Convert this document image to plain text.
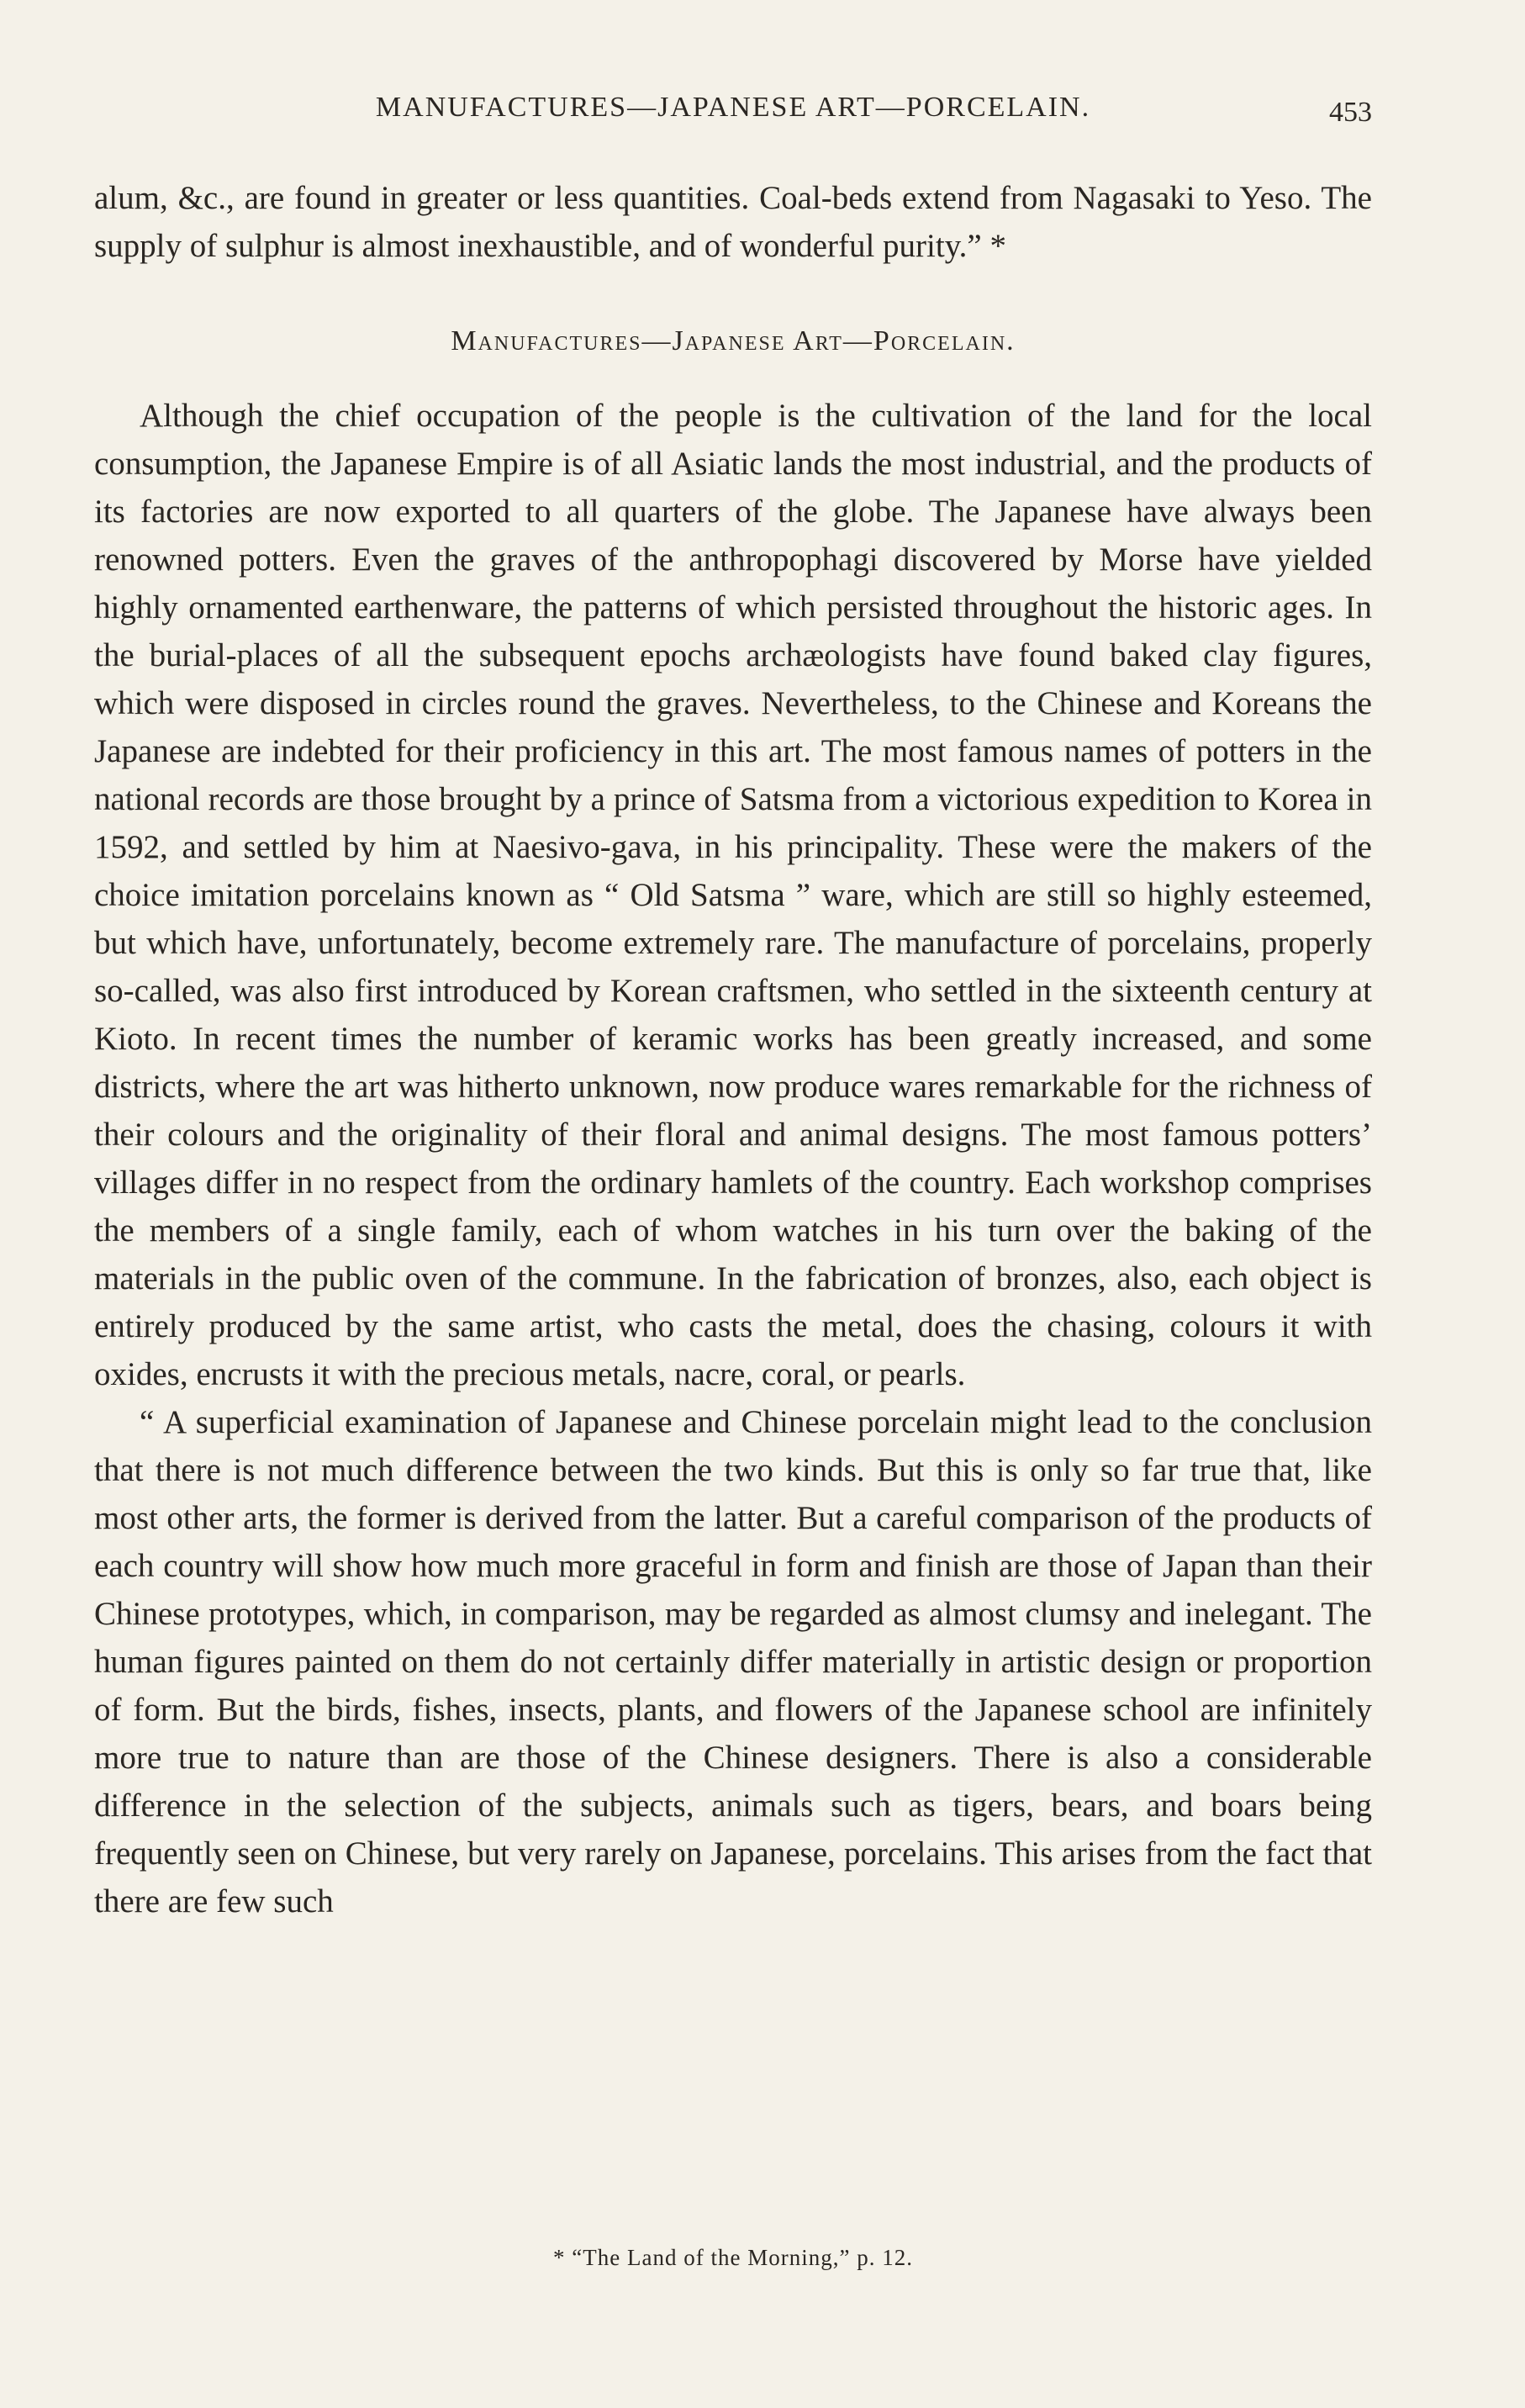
MANUFACTURES—JAPANESE ART—PORCELAIN.	453

alum, &c., are found in greater or less quantities. Coal-beds extend from Nagasaki to Yeso. The supply of sulphur is almost inexhaustible, and of wonderful purity.” *

Manufactures—Japanese Art—Porcelain.

Although the chief occupation of the people is the cultivation of the land for the local consumption, the Japanese Empire is of all Asiatic lands the most industrial, and the products of its factories are now exported to all quarters of the globe. The Japanese have always been renowned potters. Even the graves of the anthropophagi discovered by Morse have yielded highly ornamented earthenware, the patterns of which persisted throughout the historic ages. In the burial-places of all the subsequent epochs archæologists have found baked clay figures, which were disposed in circles round the graves. Nevertheless, to the Chinese and Koreans the Japanese are indebted for their proficiency in this art. The most famous names of potters in the national records are those brought by a prince of Satsma from a victorious expedition to Korea in 1592, and settled by him at Naesivo-gava, in his principality. These were the makers of the choice imitation porcelains known as “ Old Satsma ” ware, which are still so highly esteemed, but which have, unfortunately, become extremely rare. The manufacture of porcelains, properly so-called, was also first introduced by Korean craftsmen, who settled in the sixteenth century at Kioto. In recent times the number of keramic works has been greatly increased, and some districts, where the art was hitherto unknown, now produce wares remarkable for the richness of their colours and the originality of their floral and animal designs. The most famous potters’ villages differ in no respect from the ordinary hamlets of the country. Each workshop comprises the members of a single family, each of whom watches in his turn over the baking of the materials in the public oven of the commune. In the fabrication of bronzes, also, each object is entirely produced by the same artist, who casts the metal, does the chasing, colours it with oxides, encrusts it with the precious metals, nacre, coral, or pearls.

“ A superficial examination of Japanese and Chinese porcelain might lead to the conclusion that there is not much difference between the two kinds. But this is only so far true that, like most other arts, the former is derived from the latter. But a careful comparison of the products of each country will show how much more graceful in form and finish are those of Japan than their Chinese prototypes, which, in comparison, may be regarded as almost clumsy and inelegant. The human figures painted on them do not certainly differ materially in artistic design or proportion of form. But the birds, fishes, insects, plants, and flowers of the Japanese school are infinitely more true to nature than are those of the Chinese designers. There is also a considerable difference in the selection of the subjects, animals such as tigers, bears, and boars being frequently seen on Chinese, but very rarely on Japanese, porcelains. This arises from the fact that there are few such

* “The Land of the Morning,” p. 12.
